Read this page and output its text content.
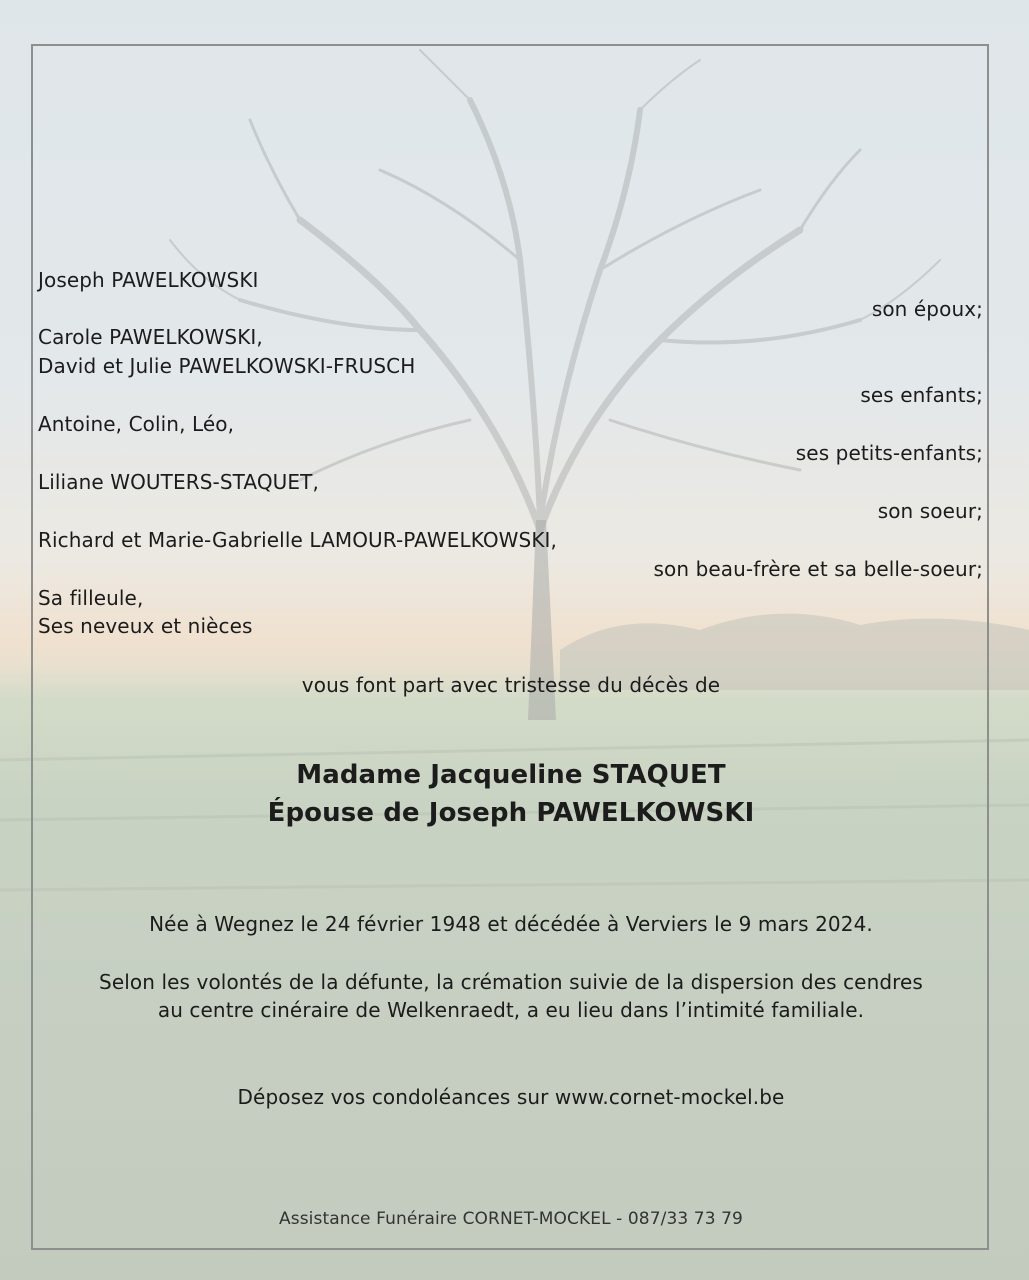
Joseph PAWELKOWSKI
son époux;
Carole PAWELKOWSKI,
David et Julie PAWELKOWSKI-FRUSCH
ses enfants;
Antoine, Colin, Léo,
ses petits-enfants;
Liliane WOUTERS-STAQUET,
son soeur;
Richard et Marie-Gabrielle LAMOUR-PAWELKOWSKI,
son beau-frère et sa belle-soeur;
Sa filleule,
Ses neveux et nièces
vous font part avec tristesse du décès de
Madame Jacqueline STAQUET
Épouse de Joseph PAWELKOWSKI
Née à Wegnez le 24 février 1948 et décédée à Verviers le 9 mars 2024.
Selon les volontés de la défunte, la crémation suivie de la dispersion des cendres
au centre cinéraire de Welkenraedt, a eu lieu dans l’intimité familiale.
Déposez vos condoléances sur www.cornet-mockel.be
Assistance Funéraire CORNET-MOCKEL - 087/33 73 79
